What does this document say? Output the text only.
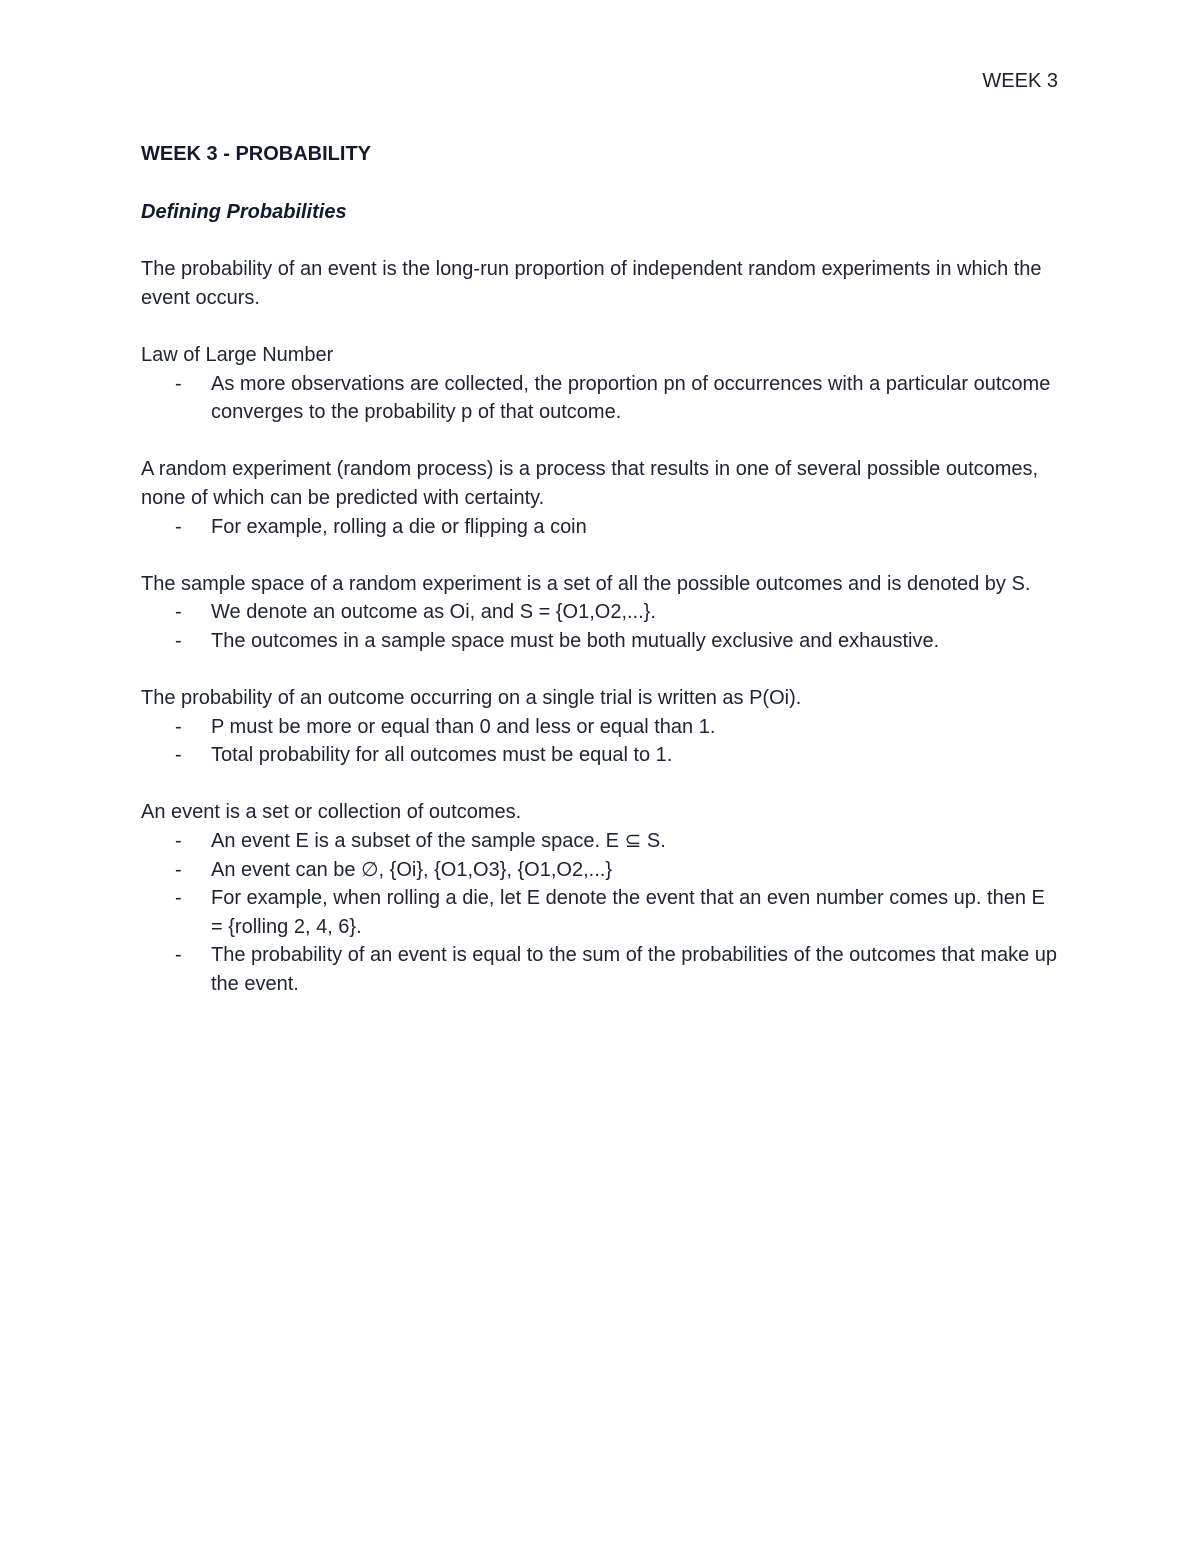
WEEK 3

WEEK 3 - PROBABILITY

Defining Probabilities

The probability of an event is the long-run proportion of independent random experiments in which the event occurs.

Law of Large Number

- As more observations are collected, the proportion pn of occurrences with a particular outcome converges to the probability p of that outcome.

A random experiment (random process) is a process that results in one of several possible outcomes, none of which can be predicted with certainty.

- For example, rolling a die or flipping a coin

The sample space of a random experiment is a set of all the possible outcomes and is denoted by S.

- We denote an outcome as Oi, and S = {O1,O2,...}.
- The outcomes in a sample space must be both mutually exclusive and exhaustive.

The probability of an outcome occurring on a single trial is written as P(Oi).

- P must be more or equal than 0 and less or equal than 1.
- Total probability for all outcomes must be equal to 1.

An event is a set or collection of outcomes.

- An event E is a subset of the sample space. E ⊆ S.
- An event can be ∅, {Oi}, {O1,O3}, {O1,O2,...}
- For example, when rolling a die, let E denote the event that an even number comes up. then E = {rolling 2, 4, 6}.
- The probability of an event is equal to the sum of the probabilities of the outcomes that make up the event.
